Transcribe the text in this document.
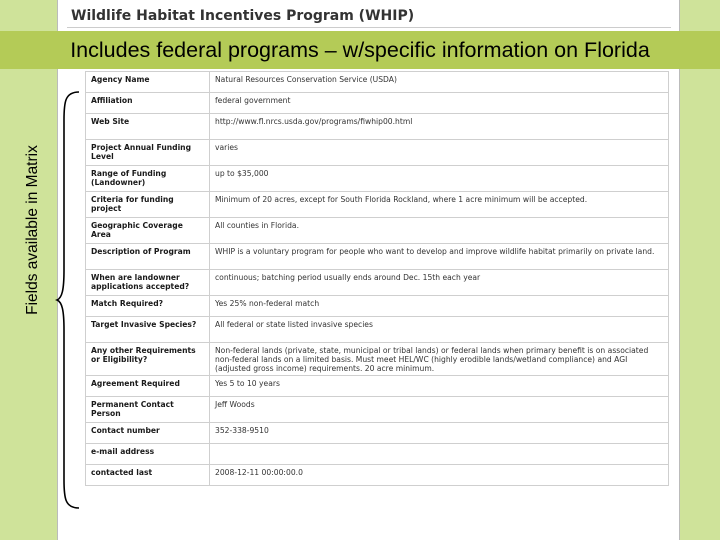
Wildlife Habitat Incentives Program (WHIP)
Includes federal programs – w/specific information on Florida
Fields available in Matrix
Agency Name	Natural Resources Conservation Service (USDA)
Affiliation	federal government
Web Site	http://www.fl.nrcs.usda.gov/programs/fiwhip00.html
Project Annual Funding Level	varies
Range of Funding (Landowner)	up to $35,000
Criteria for funding project	Minimum of 20 acres, except for South Florida Rockland, where 1 acre minimum will be accepted.
Geographic Coverage Area	All counties in Florida.
Description of Program	WHIP is a voluntary program for people who want to develop and improve wildlife habitat primarily on private land.
When are landowner applications accepted?	continuous; batching period usually ends around Dec. 15th each year
Match Required?	Yes 25% non-federal match
Target Invasive Species?	All federal or state listed invasive species
Any other Requirements or Eligibility?	Non-federal lands (private, state, municipal or tribal lands) or federal lands when primary benefit is on associated non-federal lands on a limited basis. Must meet HEL/WC (highly erodible lands/wetland compliance) and AGI (adjusted gross income) requirements. 20 acre minimum.
Agreement Required	Yes 5 to 10 years
Permanent Contact Person	Jeff Woods
Contact number	352-338-9510
e-mail address	
contacted last	2008-12-11 00:00:00.0
